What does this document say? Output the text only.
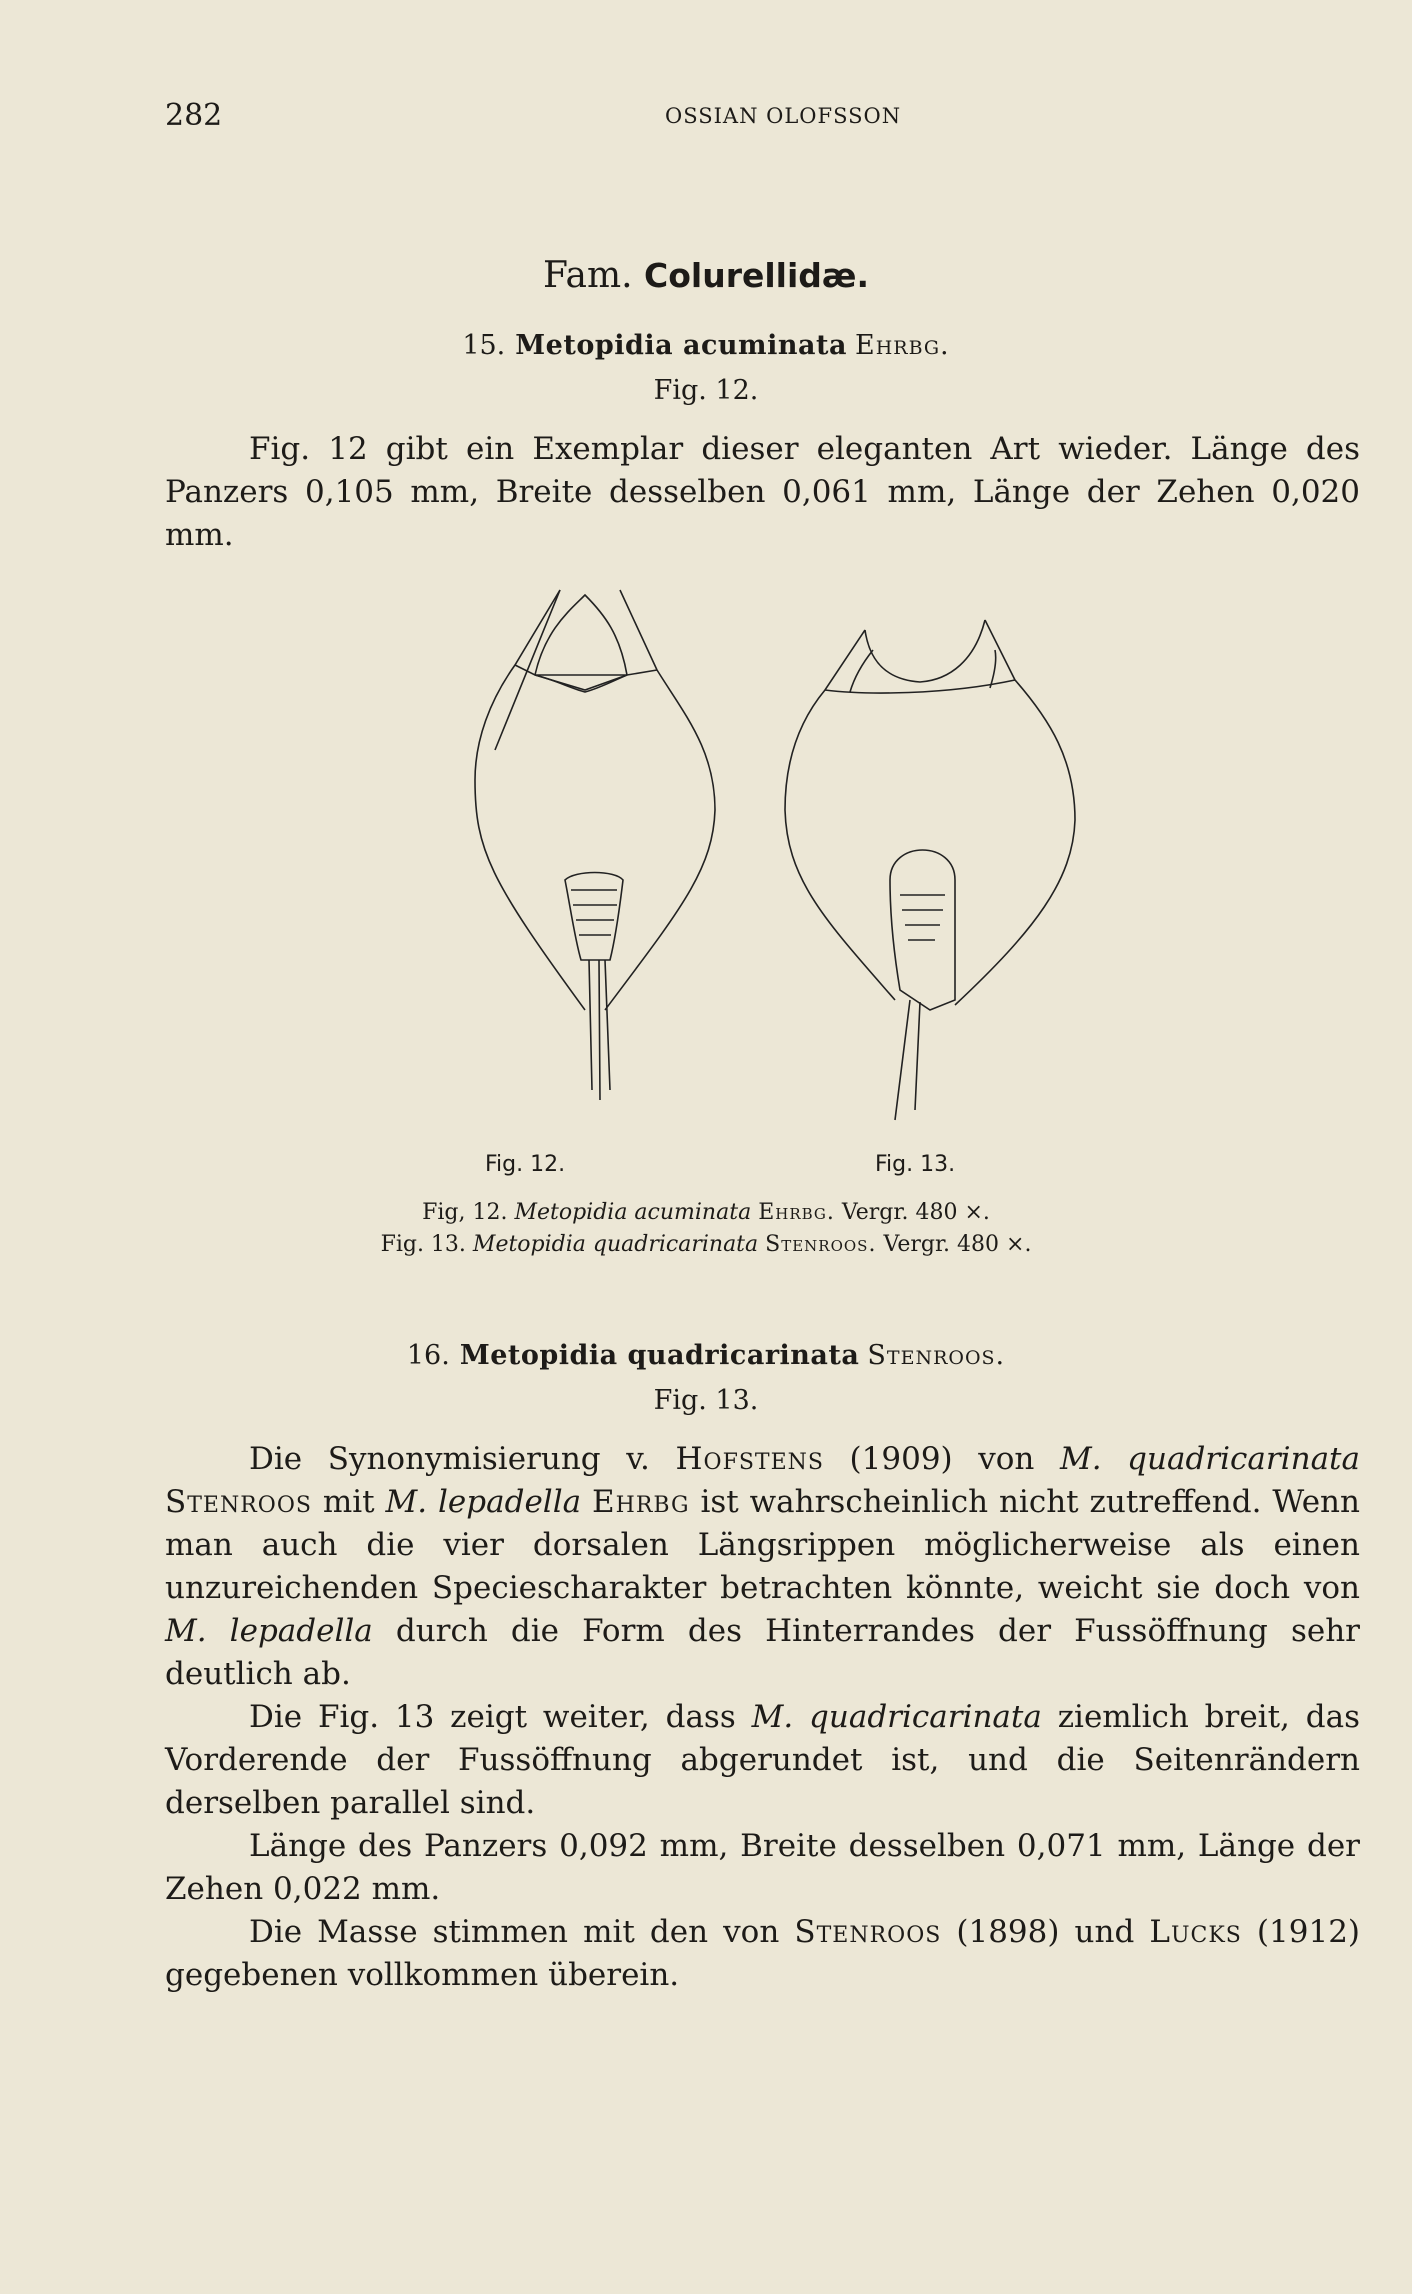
282	OSSIAN OLOFSSON
Fam. Colurellidæ.
15. Metopidia acuminata Ehrbg.
Fig. 12.
Fig. 12 gibt ein Exemplar dieser eleganten Art wieder. Länge des Panzers 0,105 mm, Breite desselben 0,061 mm, Länge der Zehen 0,020 mm.
Fig. 12.	Fig. 13.
Fig, 12. Metopidia acuminata Ehrbg. Vergr. 480 ×.
Fig. 13. Metopidia quadricarinata Stenroos. Vergr. 480 ×.
16. Metopidia quadricarinata Stenroos.
Fig. 13.
Die Synonymisierung v. Hofstens (1909) von M. quadricarinata Stenroos mit M. lepadella Ehrbg ist wahrscheinlich nicht zutreffend. Wenn man auch die vier dorsalen Längsrippen möglicherweise als einen unzureichenden Speciescharakter betrachten könnte, weicht sie doch von M. lepadella durch die Form des Hinterrandes der Fussöffnung sehr deutlich ab.
Die Fig. 13 zeigt weiter, dass M. quadricarinata ziemlich breit, das Vorderende der Fussöffnung abgerundet ist, und die Seitenrändern derselben parallel sind.
Länge des Panzers 0,092 mm, Breite desselben 0,071 mm, Länge der Zehen 0,022 mm.
Die Masse stimmen mit den von Stenroos (1898) und Lucks (1912) gegebenen vollkommen überein.
